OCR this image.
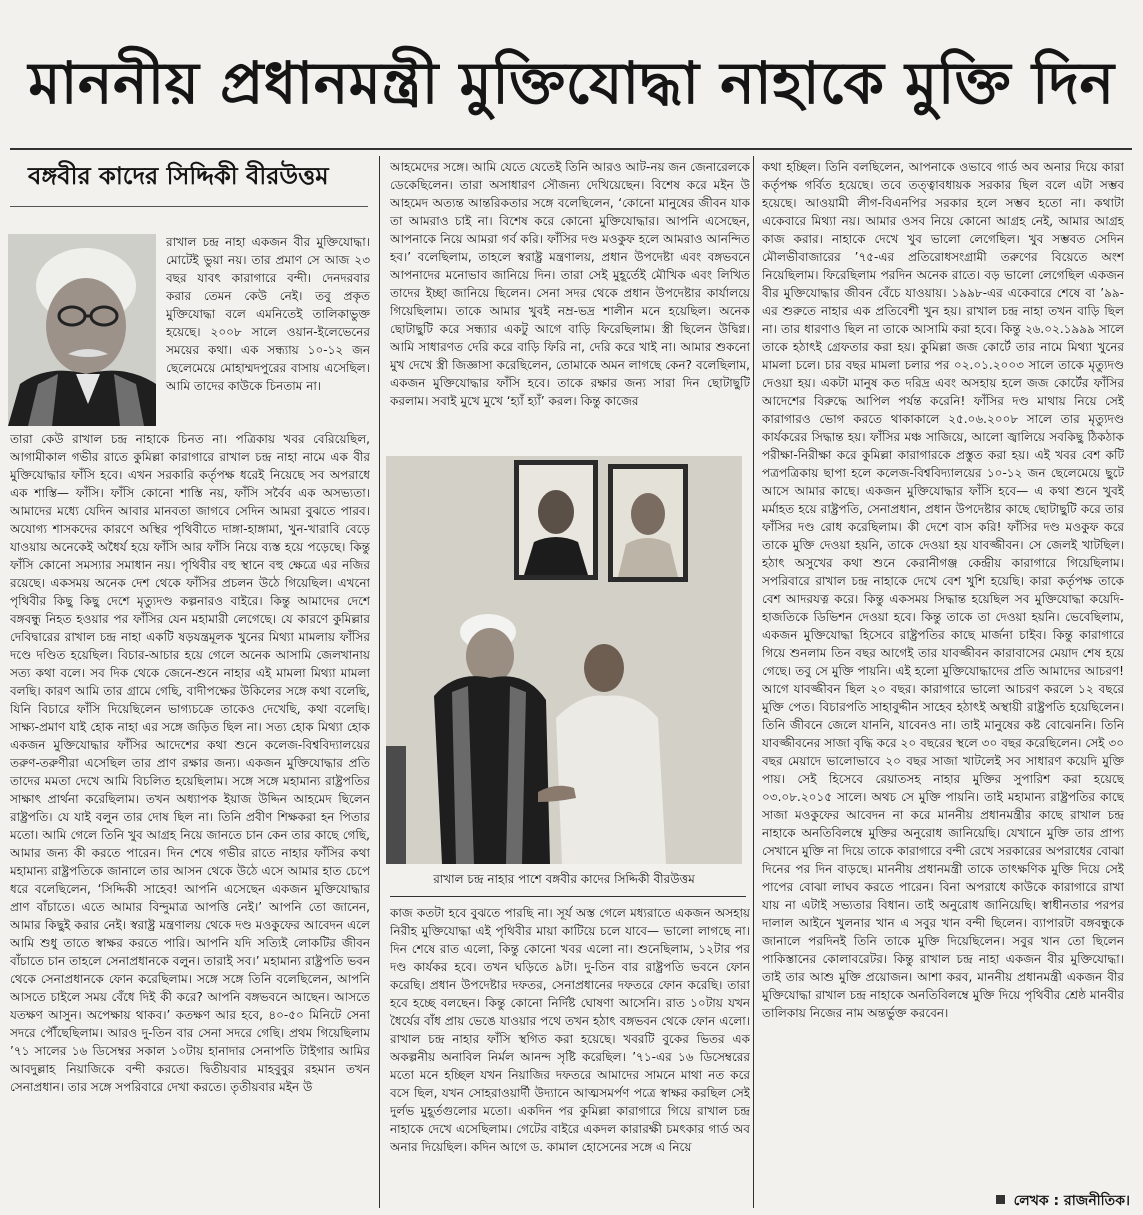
মাননীয় প্রধানমন্ত্রী মুক্তিযোদ্ধা নাহাকে মুক্তি দিন
বঙ্গবীর কাদের সিদ্দিকী বীরউত্তম

রাখাল চন্দ্র নাহা একজন বীর মুক্তিযোদ্ধা। মোটেই ভুয়া নয়। তার প্রমাণ সে আজ ২৩ বছর যাবৎ কারাগারে বন্দী। দেনদরবার করার তেমন কেউ নেই। তবু প্রকৃত মুক্তিযোদ্ধা বলে এমনিতেই তালিকাভুক্ত হয়েছে। ২০০৮ সালে ওয়ান-ইলেভেনের সময়ের কথা। এক সন্ধ্যায় ১০-১২ জন ছেলেমেয়ে মোহাম্মদপুরের বাসায় এসেছিল। আমি তাদের কাউকে চিনতাম না।

তারা কেউ রাখাল চন্দ্র নাহাকে চিনত না। পত্রিকায় খবর বেরিয়েছিল, আগামীকাল গভীর রাতে কুমিল্লা কারাগারে রাখাল চন্দ্র নাহা নামে এক বীর মুক্তিযোদ্ধার ফাঁসি হবে। এখন সরকারি কর্তৃপক্ষ ধরেই নিয়েছে সব অপরাধে এক শাস্তি— ফাঁসি। ফাঁসি কোনো শাস্তি নয়, ফাঁসি সর্বৈব এক অসভ্যতা। আমাদের মধ্যে যেদিন আবার মানবতা জাগবে সেদিন আমরা বুঝতে পারব। অযোগ্য শাসকদের কারণে অস্থির পৃথিবীতে দাঙ্গা-হাঙ্গামা, খুন-খারাবি বেড়ে যাওয়ায় অনেকেই অধৈর্য হয়ে ফাঁসি আর ফাঁসি নিয়ে ব্যস্ত হয়ে পড়েছে। কিন্তু ফাঁসি কোনো সমস্যার সমাধান নয়। পৃথিবীর বহু স্থানে বহু ক্ষেত্রে এর নজির রয়েছে। একসময় অনেক দেশ থেকে ফাঁসির প্রচলন উঠে গিয়েছিল। এখনো পৃথিবীর কিছু কিছু দেশে মৃত্যুদণ্ড কল্পনারও বাইরে। কিন্তু আমাদের দেশে বঙ্গবন্ধু নিহত হওয়ার পর ফাঁসির যেন মহামারী লেগেছে। যে কারণে কুমিল্লার দেবিদ্বারের রাখাল চন্দ্র নাহা একটি ষড়যন্ত্রমূলক খুনের মিথ্যা মামলায় ফাঁসির দণ্ডে দণ্ডিত হয়েছিল। বিচার-আচার হয়ে গেলে অনেক আসামি জেলখানায় সত্য কথা বলে। সব দিক থেকে জেনে-শুনে নাহার এই মামলা মিথ্যা মামলা বলছি। কারণ আমি তার গ্রামে গেছি, বাদীপক্ষের উকিলের সঙ্গে কথা বলেছি, যিনি বিচারে ফাঁসি দিয়েছিলেন ভাগ্যচক্রে তাকেও দেখেছি, কথা বলেছি। সাক্ষ্য-প্রমাণ যাই হোক নাহা এর সঙ্গে জড়িত ছিল না। সত্য হোক মিথ্যা হোক একজন মুক্তিযোদ্ধার ফাঁসির আদেশের কথা শুনে কলেজ-বিশ্ববিদ্যালয়ের তরুণ-তরুণীরা এসেছিল তার প্রাণ রক্ষার জন্য। একজন মুক্তিযোদ্ধার প্রতি তাদের মমতা দেখে আমি বিচলিত হয়েছিলাম। সঙ্গে সঙ্গে মহামান্য রাষ্ট্রপতির সাক্ষাৎ প্রার্থনা করেছিলাম। তখন অধ্যাপক ইয়াজ উদ্দিন আহমেদ ছিলেন রাষ্ট্রপতি। যে যাই বলুন তার দোষ ছিল না। তিনি প্রবীণ শিক্ষকরা হন পিতার মতো। আমি গেলে তিনি খুব আগ্রহ নিয়ে জানতে চান কেন তার কাছে গেছি, আমার জন্য কী করতে পারেন। দিন শেষে গভীর রাতে নাহার ফাঁসির কথা মহামান্য রাষ্ট্রপতিকে জানালে তার আসন থেকে উঠে এসে আমার হাত চেপে ধরে বলেছিলেন, ‘সিদ্দিকী সাহেব! আপনি এসেছেন একজন মুক্তিযোদ্ধার প্রাণ বাঁচাতে। এতে আমার বিন্দুমাত্র আপত্তি নেই।’ আপনি তো জানেন, আমার কিছুই করার নেই। স্বরাষ্ট্র মন্ত্রণালয় থেকে দণ্ড মওকুফের আবেদন এলে আমি শুধু তাতে স্বাক্ষর করতে পারি। আপনি যদি সত্যিই লোকটির জীবন বাঁচাতে চান তাহলে সেনাপ্রধানকে বলুন। তারাই সব।’ মহামান্য রাষ্ট্রপতি ভবন থেকে সেনাপ্রধানকে ফোন করেছিলাম। সঙ্গে সঙ্গে তিনি বলেছিলেন, আপনি আসতে চাইলে সময় বেঁধে দিই কী করে? আপনি বঙ্গভবনে আছেন। আসতে যতক্ষণ আসুন। অপেক্ষায় থাকব।’ কতক্ষণ আর হবে, ৪০-৫০ মিনিটে সেনা সদরে পৌঁছেছিলাম। আরও দু-তিন বার সেনা সদরে গেছি। প্রথম গিয়েছিলাম ’৭১ সালের ১৬ ডিসেম্বর সকাল ১০টায় হানাদার সেনাপতি টাইগার আমির আবদুল্লাহ নিয়াজিকে বন্দী করতে। দ্বিতীয়বার মাহবুবুর রহমান তখন সেনাপ্রধান। তার সঙ্গে সপরিবারে দেখা করতে। তৃতীয়বার মইন উ

আহমেদের সঙ্গে। আমি যেতে যেতেই তিনি আরও আট-নয় জন জেনারেলকে ডেকেছিলেন। তারা অসাধারণ সৌজন্য দেখিয়েছেন। বিশেষ করে মইন উ আহমেদ অত্যন্ত আন্তরিকতার সঙ্গে বলেছিলেন, ‘কোনো মানুষের জীবন যাক তা আমরাও চাই না। বিশেষ করে কোনো মুক্তিযোদ্ধার। আপনি এসেছেন, আপনাকে নিয়ে আমরা গর্ব করি। ফাঁসির দণ্ড মওকুফ হলে আমরাও আনন্দিত হব।’ বলেছিলাম, তাহলে স্বরাষ্ট্র মন্ত্রণালয়, প্রধান উপদেষ্টা এবং বঙ্গভবনে আপনাদের মনোভাব জানিয়ে দিন। তারা সেই মুহূর্তেই মৌখিক এবং লিখিত তাদের ইচ্ছা জানিয়ে ছিলেন। সেনা সদর থেকে প্রধান উপদেষ্টার কার্যালয়ে গিয়েছিলাম। তাকে আমার খুবই নম্র-ভদ্র শালীন মনে হয়েছিল। অনেক ছোটাছুটি করে সন্ধ্যার একটু আগে বাড়ি ফিরেছিলাম। স্ত্রী ছিলেন উদ্বিগ্ন। আমি সাধারণত দেরি করে বাড়ি ফিরি না, দেরি করে খাই না। আমার শুকনো মুখ দেখে স্ত্রী জিজ্ঞাসা করেছিলেন, তোমাকে অমন লাগছে কেন? বলেছিলাম, একজন মুক্তিযোদ্ধার ফাঁসি হবে। তাকে রক্ষার জন্য সারা দিন ছোটাছুটি করলাম। সবাই মুখে মুখে ‘হ্যাঁ হ্যাঁ’ করল। কিন্তু কাজের

রাখাল চন্দ্র নাহার পাশে বঙ্গবীর কাদের সিদ্দিকী বীরউত্তম

কাজ কতটা হবে বুঝতে পারছি না। সূর্য অস্ত গেলে মধ্যরাতে একজন অসহায় নিরীহ মুক্তিযোদ্ধা এই পৃথিবীর মায়া কাটিয়ে চলে যাবে— ভালো লাগছে না। দিন শেষে রাত এলো, কিন্তু কোনো খবর এলো না। শুনেছিলাম, ১২টার পর দণ্ড কার্যকর হবে। তখন ঘড়িতে ৯টা। দু-তিন বার রাষ্ট্রপতি ভবনে ফোন করেছি। প্রধান উপদেষ্টার দফতর, সেনাপ্রধানের দফতরে ফোন করেছি। তারা হবে হচ্ছে বলছেন। কিন্তু কোনো নির্দিষ্ট ঘোষণা আসেনি। রাত ১০টায় যখন ধৈর্যের বাঁধ প্রায় ভেঙে যাওয়ার পথে তখন হঠাৎ বঙ্গভবন থেকে ফোন এলো। রাখাল চন্দ্র নাহার ফাঁসি স্থগিত করা হয়েছে। খবরটি বুকের ভিতর এক অকল্পনীয় অনাবিল নির্মল আনন্দ সৃষ্টি করেছিল। ’৭১-এর ১৬ ডিসেম্বরের মতো মনে হচ্ছিল যখন নিয়াজির দফতরে আমাদের সামনে মাথা নত করে বসে ছিল, যখন সোহরাওয়ার্দী উদ্যানে আত্মসমর্পণ পত্রে স্বাক্ষর করছিল সেই দুর্লভ মুহূর্তগুলোর মতো। একদিন পর কুমিল্লা কারাগারে গিয়ে রাখাল চন্দ্র নাহাকে দেখে এসেছিলাম। গেটের বাইরে একদল কারারক্ষী চমৎকার গার্ড অব অনার দিয়েছিল। কদিন আগে ড. কামাল হোসেনের সঙ্গে এ নিয়ে

কথা হচ্ছিল। তিনি বলছিলেন, আপনাকে ওভাবে গার্ড অব অনার দিয়ে কারা কর্তৃপক্ষ গর্বিত হয়েছে। তবে তত্ত্বাবধায়ক সরকার ছিল বলে এটা সম্ভব হয়েছে। আওয়ামী লীগ-বিএনপির সরকার হলে সম্ভব হতো না। কথাটা একেবারে মিথ্যা নয়। আমার ওসব নিয়ে কোনো আগ্রহ নেই, আমার আগ্রহ কাজ করার। নাহাকে দেখে খুব ভালো লেগেছিল। খুব সম্ভবত সেদিন মৌলভীবাজারের ’৭৫-এর প্রতিরোধসংগ্রামী তরুণের বিয়েতে অংশ নিয়েছিলাম। ফিরেছিলাম পরদিন অনেক রাতে। বড় ভালো লেগেছিল একজন বীর মুক্তিযোদ্ধার জীবন বেঁচে যাওয়ায়। ১৯৯৮-এর একেবারে শেষে বা ’৯৯-এর শুরুতে নাহার এক প্রতিবেশী খুন হয়। রাখাল চন্দ্র নাহা তখন বাড়ি ছিল না। তার ধারণাও ছিল না তাকে আসামি করা হবে। কিন্তু ২৬.০২.১৯৯৯ সালে তাকে হঠাৎই গ্রেফতার করা হয়। কুমিল্লা জজ কোর্টে তার নামে মিথ্যা খুনের মামলা চলে। চার বছর মামলা চলার পর ০২.০১.২০০৩ সালে তাকে মৃত্যুদণ্ড দেওয়া হয়। একটা মানুষ কত দরিদ্র এবং অসহায় হলে জজ কোর্টের ফাঁসির আদেশের বিরুদ্ধে আপিল পর্যন্ত করেনি! ফাঁসির দণ্ড মাথায় নিয়ে সেই কারাগারও ভোগ করতে থাকাকালে ২৫.০৬.২০০৮ সালে তার মৃত্যুদণ্ড কার্যকরের সিদ্ধান্ত হয়। ফাঁসির মঞ্চ সাজিয়ে, আলো জ্বালিয়ে সবকিছু ঠিকঠাক পরীক্ষা-নিরীক্ষা করে কুমিল্লা কারাগারকে প্রস্তুত করা হয়। এই খবর বেশ কটি পত্রপত্রিকায় ছাপা হলে কলেজ-বিশ্ববিদ্যালয়ের ১০-১২ জন ছেলেমেয়ে ছুটে আসে আমার কাছে। একজন মুক্তিযোদ্ধার ফাঁসি হবে— এ কথা শুনে খুবই মর্মাহত হয়ে রাষ্ট্রপতি, সেনাপ্রধান, প্রধান উপদেষ্টার কাছে ছোটাছুটি করে তার ফাঁসির দণ্ড রোধ করেছিলাম। কী দেশে বাস করি! ফাঁসির দণ্ড মওকুফ করে তাকে মুক্তি দেওয়া হয়নি, তাকে দেওয়া হয় যাবজ্জীবন। সে জেলই খাটছিল। হঠাৎ অসুখের কথা শুনে কেরানীগঞ্জ কেন্দ্রীয় কারাগারে গিয়েছিলাম। সপরিবারে রাখাল চন্দ্র নাহাকে দেখে বেশ খুশি হয়েছি। কারা কর্তৃপক্ষ তাকে বেশ আদরযত্ন করে। কিন্তু একসময় সিদ্ধান্ত হয়েছিল সব মুক্তিযোদ্ধা কয়েদি-হাজতিকে ডিভিশন দেওয়া হবে। কিন্তু তাকে তা দেওয়া হয়নি। ভেবেছিলাম, একজন মুক্তিযোদ্ধা হিসেবে রাষ্ট্রপতির কাছে মার্জনা চাইব। কিন্তু কারাগারে গিয়ে শুনলাম তিন বছর আগেই তার যাবজ্জীবন কারাবাসের মেয়াদ শেষ হয়ে গেছে। তবু সে মুক্তি পায়নি। এই হলো মুক্তিযোদ্ধাদের প্রতি আমাদের আচরণ! আগে যাবজ্জীবন ছিল ২০ বছর। কারাগারে ভালো আচরণ করলে ১২ বছরে মুক্তি পেত। বিচারপতি সাহাবুদ্দীন সাহেব হঠাৎই অস্থায়ী রাষ্ট্রপতি হয়েছিলেন। তিনি জীবনে জেলে যাননি, যাবেনও না। তাই মানুষের কষ্ট বোঝেননি। তিনি যাবজ্জীবনের সাজা বৃদ্ধি করে ২০ বছরের স্থলে ৩০ বছর করেছিলেন। সেই ৩০ বছর মেয়াদে ভালোভাবে ২০ বছর সাজা খাটলেই সব সাধারণ কয়েদি মুক্তি পায়। সেই হিসেবে রেয়াতসহ নাহার মুক্তির সুপারিশ করা হয়েছে ০৩.০৮.২০১৫ সালে। অথচ সে মুক্তি পায়নি। তাই মহামান্য রাষ্ট্রপতির কাছে সাজা মওকুফের আবেদন না করে মাননীয় প্রধানমন্ত্রীর কাছে রাখাল চন্দ্র নাহাকে অনতিবিলম্বে মুক্তির অনুরোধ জানিয়েছি। যেখানে মুক্তি তার প্রাপ্য সেখানে মুক্তি না দিয়ে তাকে কারাগারে বন্দী রেখে সরকারের অপরাধের বোঝা দিনের পর দিন বাড়ছে। মাননীয় প্রধানমন্ত্রী তাকে তাৎক্ষণিক মুক্তি দিয়ে সেই পাপের বোঝা লাঘব করতে পারেন। বিনা অপরাধে কাউকে কারাগারে রাখা যায় না এটাই সভ্যতার বিধান। তাই অনুরোধ জানিয়েছি। স্বাধীনতার পরপর দালাল আইনে খুলনার খান এ সবুর খান বন্দী ছিলেন। ব্যাপারটা বঙ্গবন্ধুকে জানালে পরদিনই তিনি তাকে মুক্তি দিয়েছিলেন। সবুর খান তো ছিলেন পাকিস্তানের কোলাবরেটর। কিন্তু রাখাল চন্দ্র নাহা একজন বীর মুক্তিযোদ্ধা। তাই তার আশু মুক্তি প্রয়োজন। আশা করব, মাননীয় প্রধানমন্ত্রী একজন বীর মুক্তিযোদ্ধা রাখাল চন্দ্র নাহাকে অনতিবিলম্বে মুক্তি দিয়ে পৃথিবীর শ্রেষ্ঠ মানবীর তালিকায় নিজের নাম অন্তর্ভুক্ত করবেন।

লেখক : রাজনীতিক।
